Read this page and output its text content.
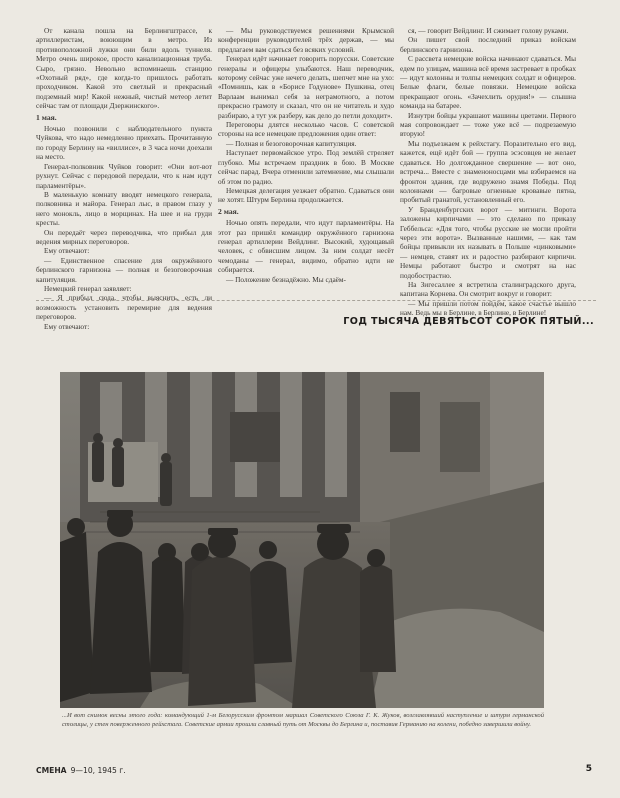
От канала пошла на Берлингштрассе, к артиллеристам, воюющим в метро. Из противоположной лужки они били вдоль туннеля. Метро очень широкое, просто канализационная труба. Сыро, грязно. Невольно вспоминаешь станцию «Охотный ряд», где когда-то пришлось работать проходчиком. Какой это светлый и прекрасный подземный мир! Какой нежный, чистый метеор летит сейчас там от площади Дзержинского».

1 мая.

Ночью позвонили с наблюдательного пункта Чуйкова, что надо немедленно приехать. Прочитанную по городу Берлину на «виллисе», в 3 часа ночи доехали на место.

Генерал-полковник Чуйков говорит: «Они вот-вот рухнут. Сейчас с передовой передали, что к нам идут парламентёры».

В маленькую комнату вводят немецкого генерала, полковника и майора. Генерал лыс, в правом глазу у него монокль, лицо в морщинах. На шее и на груди кресты.

Он передаёт через переводчика, что прибыл для ведения мирных переговоров.

Ему отвечают:

— Единственное спасение для окружённого берлинского гарнизона — полная и безоговорочная капитуляция.

Немецкий генерал заявляет:

— Я прибыл сюда, чтобы выяснить, есть ли возможность установить перемирие для ведения переговоров.

Ему отвечают:

— Мы руководствуемся решениями Крымской конференции руководителей трёх держав, — мы предлагаем вам сдаться без всяких условий.

Генерал идёт начинает говорить порусски. Советские генералы и офицеры улыбаются. Наш переводчик, которому сейчас уже нечего делать, шепчет мне на ухо: «Помнишь, как в «Борисе Годунове» Пушкина, отец Варлаам вынимал себя за неграмотного, а потом прекрасно грамоту и сказал, что он не читатель и худо разбираю, а тут уж разберу, как дело до петли доходит».

Переговоры длятся несколько часов. С советской стороны на все немецкие предложения один ответ:

— Полная и безоговорочная капитуляция.

Наступает первомайское утро. Под землёй стреляет глубоко. Мы встречаем праздник в бою. В Москве сейчас парад. Вчера отменили затемнение, мы слышали об этом по радио.

Немецкая делегация уезжает обратно. Сдаваться они не хотят. Штурм Берлина продолжается.

2 мая.

Ночью опять передали, что идут парламентёры. На этот раз пришёл командир окружённого гарнизона генерал артиллерии Вейдлинг. Высокий, худощавый человек, с обвисшим лицом. За ним солдат несёт чемоданы — генерал, видимо, обратно идти не собирается.

— Положение безнадёжно. Мы сдаём-

ся, — говорит Вейдлинг. И сжимает голову руками.

Он пишет свой последний приказ войскам берлинского гарнизона.

С рассвета немецкие войска начинают сдаваться. Мы едем по улицам, машина всё время застревает в пробках — идут колонны и толпы немецких солдат и офицеров. Белые флаги, белые повязки. Немецкие войска прекращают огонь. «Зачехлить орудия!» — слышна команда на батарее.

Изнутри бойцы украшают машины цветами. Первого мая сопровождает — тоже уже всё — подрезаемую вторую!

Мы подъезжаем к рейхстагу. Поразительно его вид, кажется, ещё идёт бой — группа эсэсовцев не желает сдаваться. Но долгожданное свершение — вот оно, встреча... Вместе с знаменоносцами мы взбираемся на фронтон здания, где водружено знамя Победы. Под колоннами — багровые огненные кровавые пятна, пробитый гранатой, установленный его.

У Бранденбургских ворот — митинги. Ворота заложены кирпичами — это сделано по приказу Геббельса: «Для того, чтобы русские не могли пройти через эти ворота». Вызванные нашими, — как там бойцы привыкли их называть в Польше «цинковыми» — немцев, ставят их и радостно разбирают кирпичи. Немцы работают быстро и смотрят на нас подобострастно.

На Зигесаллее я встретила сталинградского друга, капитана Корнева. Он смотрит вокруг и говорит:

— Мы пришли потом пойдём, какое счастье вышло нам. Ведь мы в Берлине, в Берлине, в Берлине!

ГОД ТЫСЯЧА ДЕВЯТЬСОТ СОРОК ПЯТЫЙ...
...И вот снимок весны этого года: командующий 1-м Белорусским фронтом маршал Советского Союза Г. К. Жуков, возглавлявший наступление и штурм германской столицы, у стен поверженного рейхстага. Советские армии прошли славный путь от Москвы до Берлина и, поставив Германию на колени, победно завершили войну.
СМЕНА 9—10, 1945 г.	5
